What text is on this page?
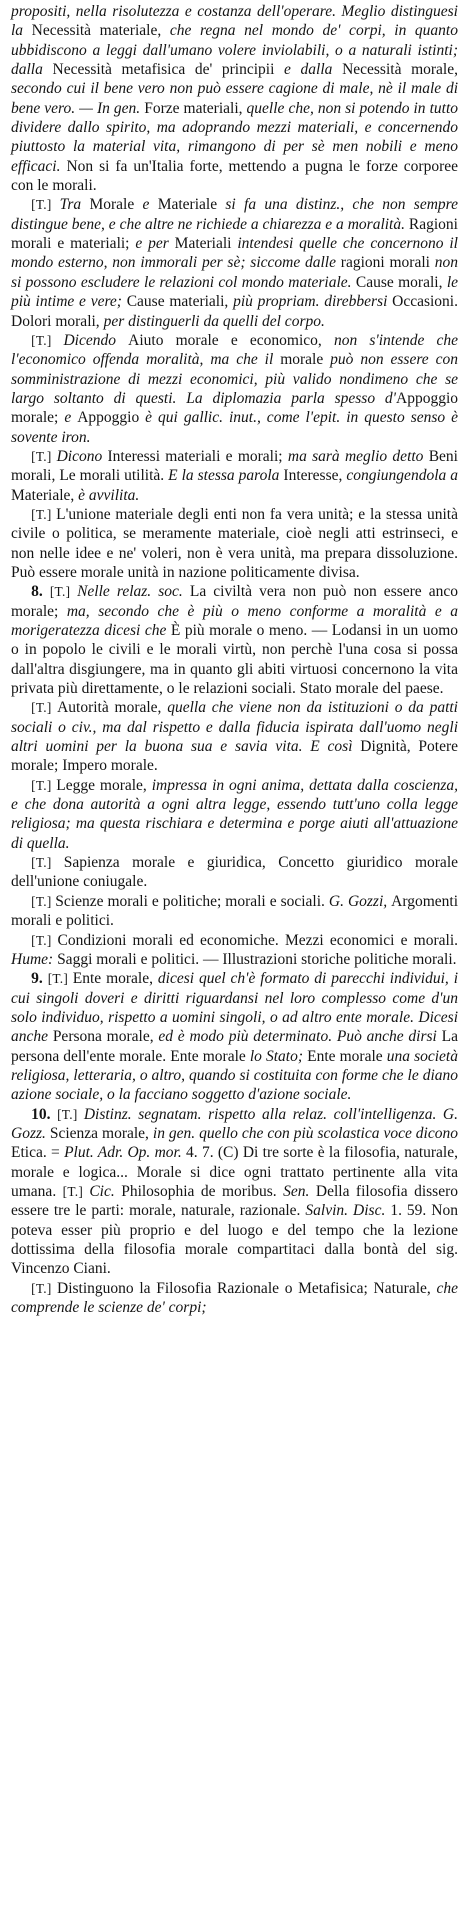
propositi, nella risolutezza e costanza dell'operare. Meglio distinguesi la Necessità materiale, che regna nel mondo de' corpi, in quanto ubbidiscono a leggi dall'umano volere inviolabili, o a naturali istinti; dalla Necessità metafisica de' principii e dalla Necessità morale, secondo cui il bene vero non può essere cagione di male, nè il male di bene vero. — In gen. Forze materiali, quelle che, non si potendo in tutto dividere dallo spirito, ma adoprando mezzi materiali, e concernendo piuttosto la material vita, rimangono di per sè men nobili e meno efficaci. Non si fa un'Italia forte, mettendo a pugna le forze corporee con le morali.

[T.] Tra Morale e Materiale si fa una distinz., che non sempre distingue bene, e che altre ne richiede a chiarezza e a moralità. Ragioni morali e materiali; e per Materiali intendesi quelle che concernono il mondo esterno, non immorali per sè; siccome dalle ragioni morali non si possono escludere le relazioni col mondo materiale. Cause morali, le più intime e vere; Cause materiali, più propriam. direbbersi Occasioni. Dolori morali, per distinguerli da quelli del corpo.

[T.] Dicendo Aiuto morale e economico, non s'intende che l'economico offenda moralità, ma che il morale può non essere con somministrazione di mezzi economici, più valido nondimeno che se largo soltanto di questi. La diplomazia parla spesso d'Appoggio morale; e Appoggio è qui gallic. inut., come l'epit. in questo senso è sovente iron.

[T.] Dicono Interessi materiali e morali; ma sarà meglio detto Beni morali, Le morali utilità. E la stessa parola Interesse, congiungendola a Materiale, è avvilita.

[T.] L'unione materiale degli enti non fa vera unità; e la stessa unità civile o politica, se meramente materiale, cioè negli atti estrinseci, e non nelle idee e ne' voleri, non è vera unità, ma prepara dissoluzione. Può essere morale unità in nazione politicamente divisa.

8. [T.] Nelle relaz. soc. La civiltà vera non può non essere anco morale; ma, secondo che è più o meno conforme a moralità e a morigeratezza dicesi che È più morale o meno. — Lodansi in un uomo o in popolo le civili e le morali virtù, non perchè l'una cosa si possa dall'altra disgiungere, ma in quanto gli abiti virtuosi concernono la vita privata più direttamente, o le relazioni sociali. Stato morale del paese.

[T.] Autorità morale, quella che viene non da istituzioni o da patti sociali o civ., ma dal rispetto e dalla fiducia ispirata dall'uomo negli altri uomini per la buona sua e savia vita. E così Dignità, Potere morale; Impero morale.

[T.] Legge morale, impressa in ogni anima, dettata dalla coscienza, e che dona autorità a ogni altra legge, essendo tutt'uno colla legge religiosa; ma questa rischiara e determina e porge aiuti all'attuazione di quella.

[T.] Sapienza morale e giuridica, Concetto giuridico morale dell'unione coniugale.

[T.] Scienze morali e politiche; morali e sociali. G. Gozzi, Argomenti morali e politici.

[T.] Condizioni morali ed economiche. Mezzi economici e morali. Hume: Saggi morali e politici. — Illustrazioni storiche politiche morali.

9. [T.] Ente morale, dicesi quel ch'è formato di parecchi individui, i cui singoli doveri e diritti riguardansi nel loro complesso come d'un solo individuo, rispetto a uomini singoli, o ad altro ente morale. Dicesi anche Persona morale, ed è modo più determinato. Può anche dirsi La persona dell'ente morale. Ente morale lo Stato; Ente morale una società religiosa, letteraria, o altro, quando si costituita con forme che le diano azione sociale, o la facciano soggetto d'azione sociale.

10. [T.] Distinz. segnatam. rispetto alla relaz. coll'intelligenza. G. Gozz. Scienza morale, in gen. quello che con più scolastica voce dicono Etica. = Plut. Adr. Op. mor. 4. 7. (C) Di tre sorte è la filosofia, naturale, morale e logica... Morale si dice ogni trattato pertinente alla vita umana. [T.] Cic. Philosophia de moribus. Sen. Della filosofia dissero essere tre le parti: morale, naturale, razionale. Salvin. Disc. 1. 59. Non poteva esser più proprio e del luogo e del tempo che la lezione dottissima della filosofia morale compartitaci dalla bontà del sig. Vincenzo Ciani.

[T.] Distinguono la Filosofia Razionale o Metafisica; Naturale, che comprende le scienze de' corpi;
